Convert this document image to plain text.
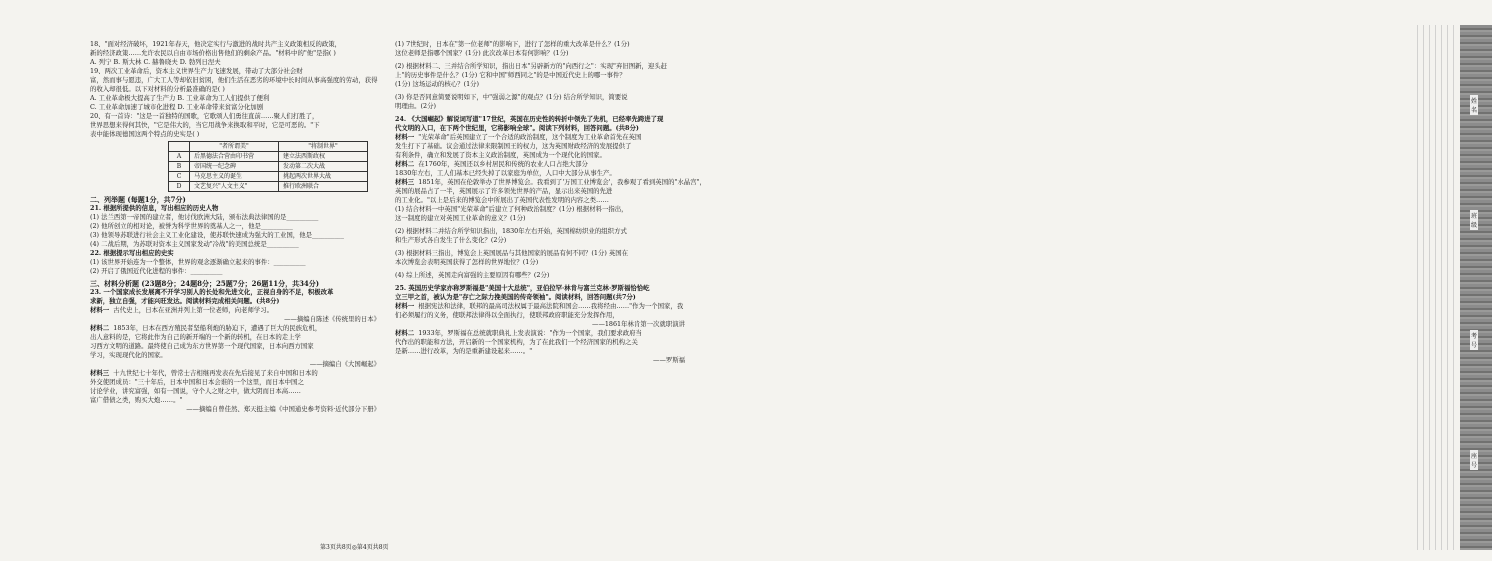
18、"面对经济破坏，1921年春天，他决定实行与激进的战时共产主义政策相反的政策，
新的经济政策……允许农民以自由市场价格出售他们的剩余产品。"材料中的"他"是指( )
A. 列宁 B. 斯大林 C. 赫鲁晓夫 D. 勃列日涅夫
19、两次工业革命后，资本主义世界生产力飞速发展，带动了大部分社会财
富，然而事与愿违，广大工人等却依旧贫困，他们生活在恶劣的环境中长时间从事高强度的劳动，获得
的收入却很低。以下对材料的分析最准确的是( )
A. 工业革命极大提高了生产力 B. 工业革命为工人们提供了便利
C. 工业革命加速了城市化进程 D. 工业革命带来贫富分化加剧
20、有一首诗："这是一首独特的国歌，它歌颂人们勇往直前……聚人们打胜了，
世界思想来得何其快，"它是伟大的，当它用战争来换取和平时，它是可恶的。"下
表中能体现德国这两个特点的史实是( )
	"者所谓美"	"将制世界"
A	后黑德法合营由印书营	建立法西斯政权
B	帝国统一纪念碑	发动第二次大战
C	马克思主义的诞生	挑起两次世界大战
D	文艺复兴"人文主义"	推行欧洲联合
二、列举题 (每题1分，共7分)
21. 根据所提供的信息，写出相应的历史人物
(1) 法兰西第一帝国的建立者，他讨伐欧洲大陆，颁布法典法律国的是__________
(2) 他所创立的相对论，被誉为科学世界的奠基人之一，他是__________
(3) 他领导苏联进行社会主义工业化建设，使苏联快速成为强大的工业国，他是__________
(4) 二战后期，为苏联对资本主义国家发动"冷战"的美国总统是__________
22. 根据提示写出相应的史实
(1) 该世界开始连为一个整体，世界的观念逐渐确立起来的事件：__________
(2) 开启了俄国近代化进程的事件：__________
三、材料分析题 (23题8分；24题8分；25题7分；26题11分，共34分)
23. 一个国家成长发展离不开学习别人的长处和先进文化，正视自身的不足，积极改革
求新，独立自强，才能兴旺发达。阅读材料完成相关问题。(共8分)
材料一 古代史上，日本在亚洲并列上第一位老师，向老师学习。
——摘编自陈述《传统里的日本》
材料二 1853年，日本在西方殖民者坚船利炮的胁迫下，遭遇了巨大的民族危机，
出人意料的是，它将此作为自己的新开端的一个新的转机，在日本的走上学
习西方文明的道路。最终使自己成为东方世界第一个现代国家，日本向西方国家
学习，实现现代化的国家。
——摘编自《大国崛起》
材料三 十九世纪七十年代，曾常士吉相继再发表在先后接见了来自中国和日本的
外交使团成员："三十年后，日本中国和日本会谁的一个这里，而日本中国之
讨论学业，讲究富强，如有一国说，守个人之财之中，做大阴而日本高……
富广借债之类，购买大炮……。"
——摘编自曾佳然、郑天挺主编《中国通史参考资料·近代部分下册》
(1) 7世纪时，日本在"第一位老师"的影响下，进行了怎样的重大改革是什么？(1分)
这位老师是指哪个国家？(1分) 此次改革日本有何影响？(1分)
(2) 根据材料二、三并结合所学知识，指出日本"另辟新方的"向西行之"：实现"弃旧图新，迎头赶
上"的历史事件是什么？(1分) 它和中国"师西同之"的是中国近代史上的哪一事件？
(1分) 这场运动的核心？(1分)
(3) 你是否同意简要说明如下，中"强弱之源"的观点？(1分) 结合所学知识，简要说
明理由。(2分)
24. 《大国崛起》解说词写道"17世纪，英国在历史性的转折中领先了先机，已经率先跨进了现
代文明的入口，在下两个世纪里，它将影响全球"。阅读下列材料，回答问题。(共8分)
材料一 "光荣革命"后英国建立了一个合适的政治制度，这个制度为工业革命首先在英国
发生打下了基础。议会通过法律来限制国王的权力，这为英国财政经济的发展提供了
有利条件，确立和发展了资本主义政治制度，英国成为一个现代化的国家。
材料二 在1760年，英国还以乡村居民和传统的农业人口占绝大部分
1830年左右，工人们基本已经失掉了以家庭为单位，人口中大部分从事生产。
材料三 1851年，英国在伦敦举办了世界博览会。我看到了'万国工业博览会'，我参观了看到英国的"水晶宫"，
英国的展品占了一半，英国展示了许多领先世界的产品，显示出来英国的先进
的工业化。"以上是后来的博览会中所展出了英国代表性发明的内容之类……
(1) 结合材料一中英国"光荣革命"后建立了何种政治制度？(1分) 根据材料一指出，
这一制度的建立对英国工业革命的意义？(1分)
(2) 根据材料二并结合所学知识指出，1830年左右开始，英国棉纺织业的组织方式
和生产形式各自发生了什么变化？(2分)
(3) 根据材料三指出，博览会上英国展品与其他国家的展品有何不同？(1分) 英国在
本次博览会表明英国获得了怎样的世界地位？(1分)
(4) 综上所述，英国走向富强的主要原因有哪些？(2分)
25. 英国历史学家亦称罗斯福是"美国十大总统"，亚伯拉罕·林肯与富兰克林·罗斯福恰恰屹
立三甲之首，被认为是"存亡之际力挽美国的传奇领袖"。阅读材料，回答问题(共7分)
材料一 根据宪法和法律，联邦的最高司法权属于最高法院和国会……我将经由……"作为一个国家，我
们必须履行的义务，使联邦法律得以全面执行，使联邦政府职能充分发挥作用，
——1861年林肯第一次就职演讲
材料二 1933年，罗斯福在总统就职典礼上发表演说："作为一个国家，我们要求政府当
代作出的职能和方法，开启新的一个国家机构，为了在此我们一个经济国家的机构之关
是新……进行改革，为的是重新建设起来……。"
——罗斯福
第3页共8页◎第4页共8页
姓名
班级
考号
座号
